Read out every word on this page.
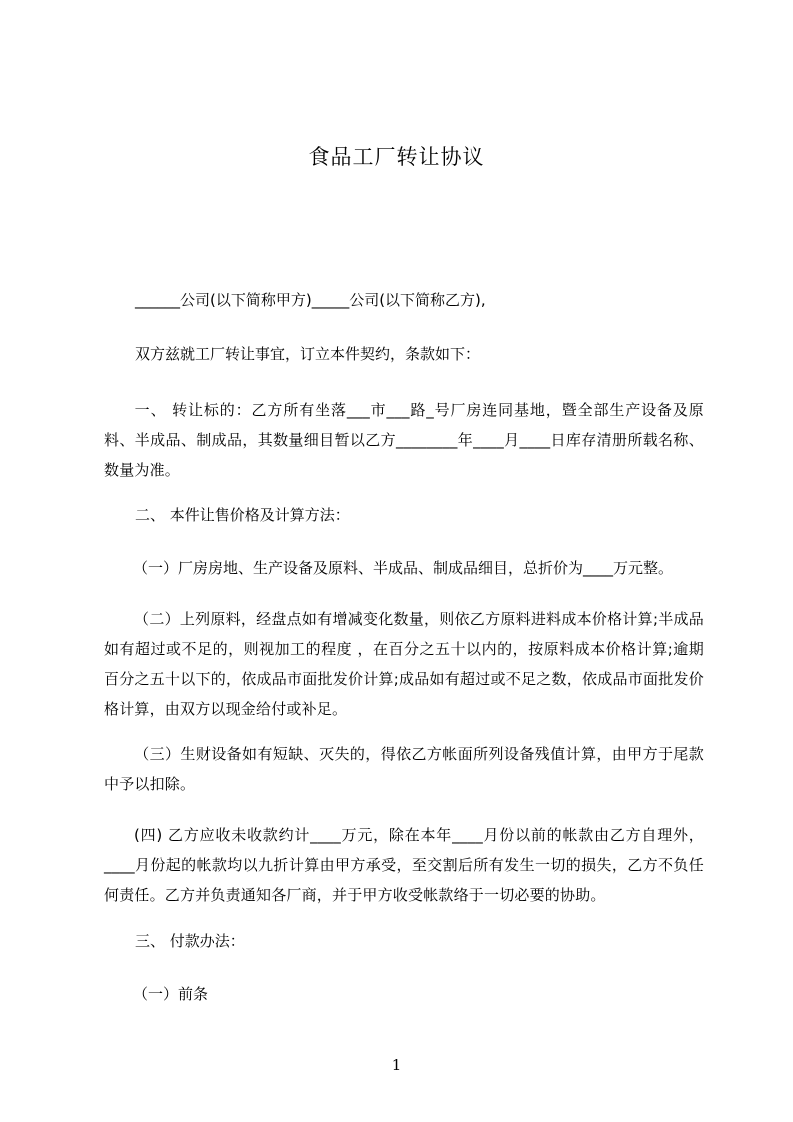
食品工厂转让协议
______公司(以下简称甲方)_____公司(以下简称乙方),
双方兹就工厂转让事宜，订立本件契约，条款如下：
一、 转让标的：乙方所有坐落___市___路_号厂房连同基地，暨全部生产设备及原料、半成品、制成品，其数量细目暂以乙方________年____月____日库存清册所载名称、数量为准。
二、 本件让售价格及计算方法：
（一）厂房房地、生产设备及原料、半成品、制成品细目，总折价为____万元整。
（二）上列原料，经盘点如有增减变化数量，则依乙方原料进料成本价格计算;半成品如有超过或不足的，则视加工的程度 ，在百分之五十以内的，按原料成本价格计算;逾期百分之五十以下的，依成品市面批发价计算;成品如有超过或不足之数，依成品市面批发价格计算，由双方以现金给付或补足。
（三）生财设备如有短缺、灭失的，得依乙方帐面所列设备残值计算，由甲方于尾款中予以扣除。
(四) 乙方应收未收款约计____万元，除在本年____月份以前的帐款由乙方自理外，____月份起的帐款均以九折计算由甲方承受，至交割后所有发生一切的损失，乙方不负任何责任。乙方并负责通知各厂商，并于甲方收受帐款络于一切必要的协助。
三、 付款办法：
（一）前条
1
